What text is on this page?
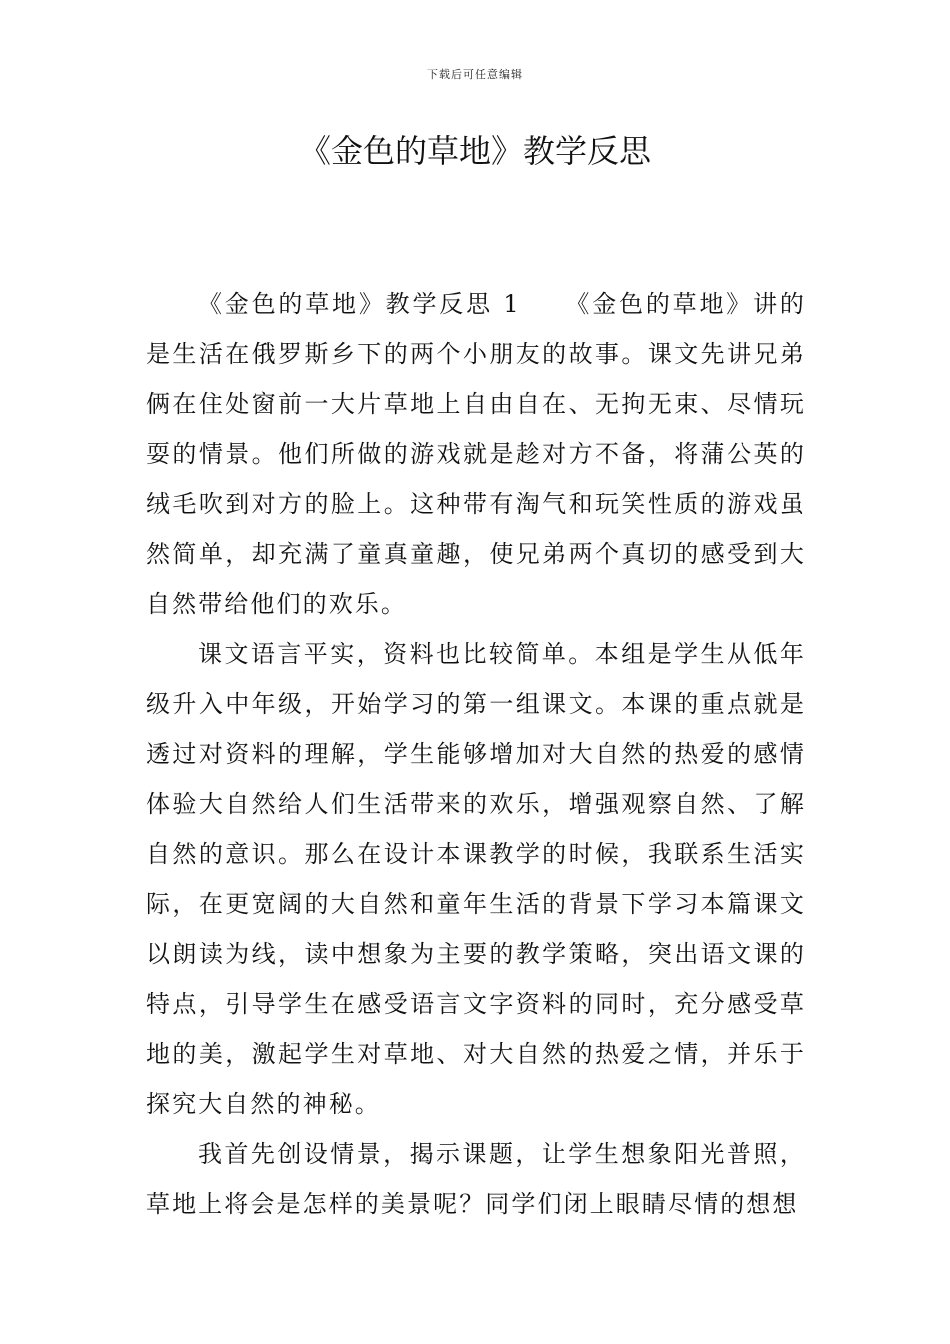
下载后可任意编辑
《金色的草地》教学反思

《金色的草地》教学反思 1 《金色的草地》讲的是生活在俄罗斯乡下的两个小朋友的故事。课文先讲兄弟俩在住处窗前一大片草地上自由自在、无拘无束、尽情玩耍的情景。他们所做的游戏就是趁对方不备，将蒲公英的绒毛吹到对方的脸上。这种带有淘气和玩笑性质的游戏虽然简单，却充满了童真童趣，使兄弟两个真切的感受到大自然带给他们的欢乐。

课文语言平实，资料也比较简单。本组是学生从低年级升入中年级，开始学习的第一组课文。本课的重点就是透过对资料的理解，学生能够增加对大自然的热爱的感情体验大自然给人们生活带来的欢乐，增强观察自然、了解自然的意识。那么在设计本课教学的时候，我联系生活实际，在更宽阔的大自然和童年生活的背景下学习本篇课文以朗读为线，读中想象为主要的教学策略，突出语文课的特点，引导学生在感受语言文字资料的同时，充分感受草地的美，激起学生对草地、对大自然的热爱之情，并乐于探究大自然的神秘。

我首先创设情景，揭示课题，让学生想象阳光普照，草地上将会是怎样的美景呢？同学们闭上眼睛尽情的想想
